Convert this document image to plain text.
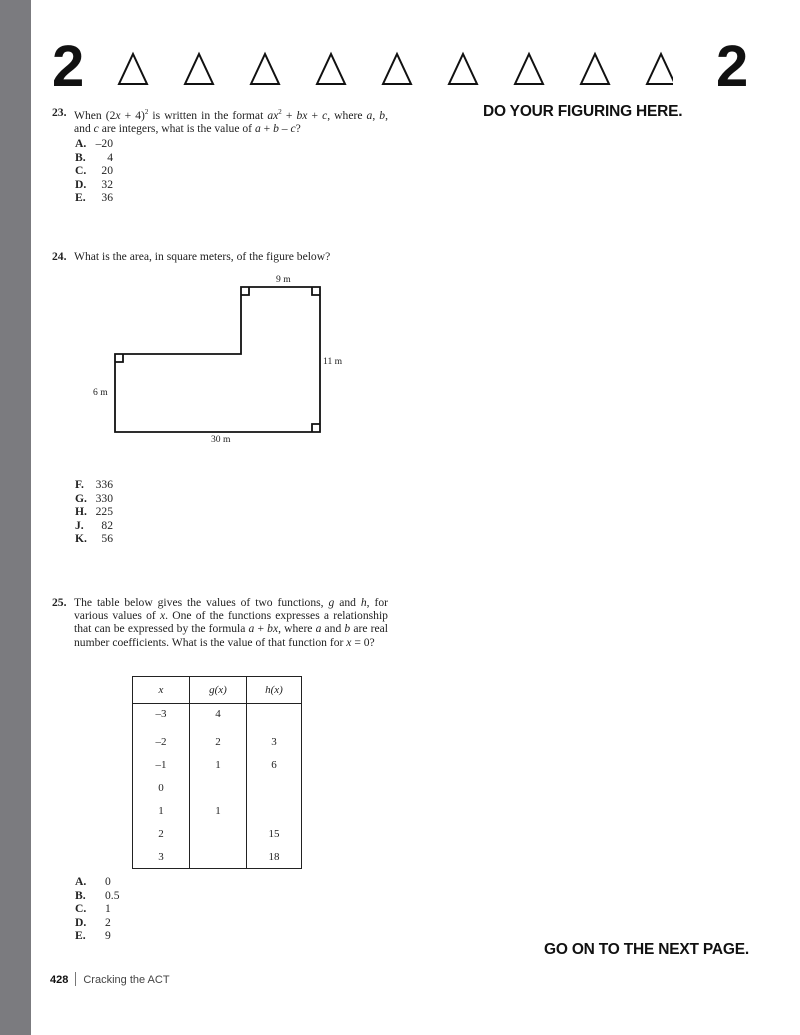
2	2
DO YOUR FIGURING HERE.
23. When $(2x + 4)^2$ is written in the format $ax^2$ + bx + c, where a, b, and c are integers, what is the value of a + b – c?
A. –20
B.	4
C.	20
D.	32
E.	36
24. What is the area, in square meters, of the figure below?
9 m
11 m
6 m
30 m
F.	336
G. 330
H. 225
J.	82
K.	56
25. The table below gives the values of two functions, g and h, for various values of x. One of the functions expresses a relationship that can be expressed by the formula a + bx, where a and b are real number coefficients. What is the value of that function for x = 0?
x	g(x)	h(x)
–3	4	
–2	2	3
–1	1	6
0		
1	1	
2		15
3		18
A.	0
B.	0.5
C.	1
D.	2
E.	9
GO ON TO THE NEXT PAGE.
428 Cracking the ACT
